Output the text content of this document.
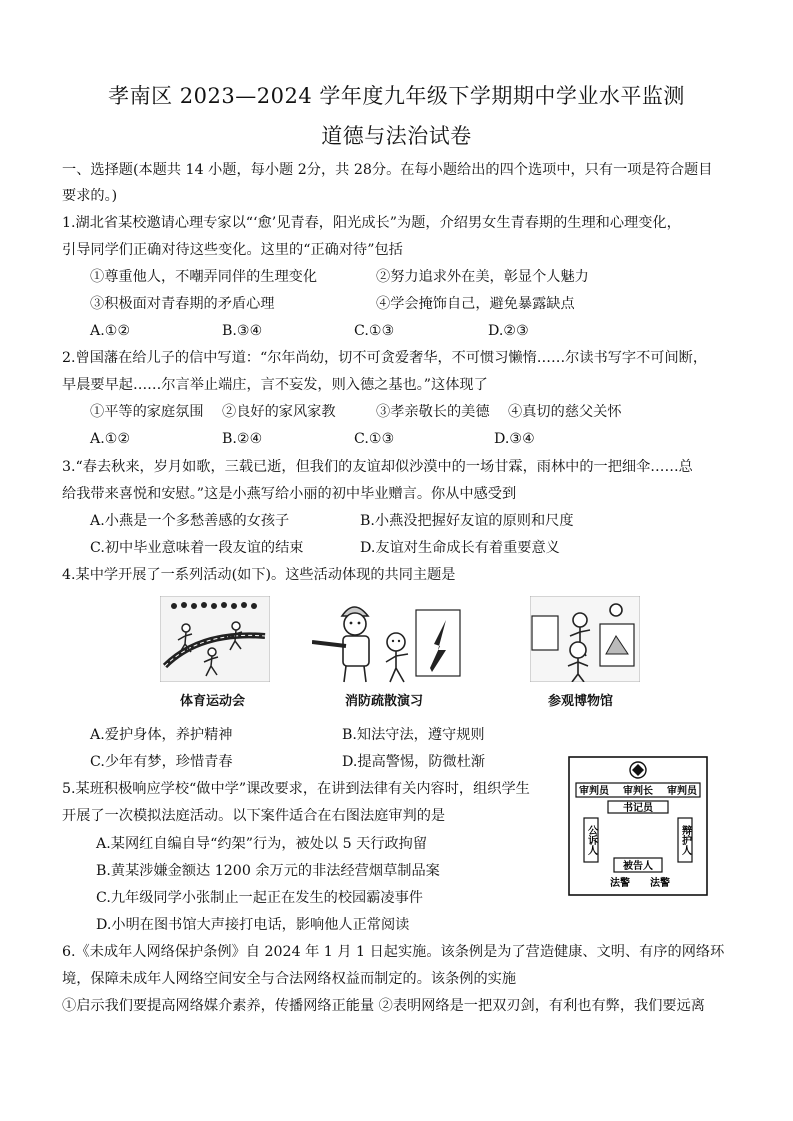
孝南区 2023—2024 学年度九年级下学期期中学业水平监测
道德与法治试卷
一、选择题(本题共 14 小题，每小题 2分，共 28分。在每小题给出的四个选项中，只有一项是符合题目
要求的。)
1.湖北省某校邀请心理专家以“‘愈’见青春，阳光成长”为题，介绍男女生青春期的生理和心理变化，
引导同学们正确对待这些变化。这里的“正确对待”包括
①尊重他人，不嘲弄同伴的生理变化	②努力追求外在美，彰显个人魅力
③积极面对青春期的矛盾心理	④学会掩饰自己，避免暴露缺点
A.①②	B.③④	C.①③	D.②③
2.曾国藩在给儿子的信中写道：“尔年尚幼，切不可贪爱奢华，不可惯习懒惰……尔读书写字不可间断，
早晨要早起……尔言举止端庄，言不妄发，则入德之基也。”这体现了
①平等的家庭氛围 ②良好的家风家教	③孝亲敬长的美德 ④真切的慈父关怀
A.①②	B.②④	C.①③	D.③④
3.“春去秋来，岁月如歌，三载已逝，但我们的友谊却似沙漠中的一场甘霖，雨林中的一把细伞……总
给我带来喜悦和安慰。”这是小燕写给小丽的初中毕业赠言。你从中感受到
A.小燕是一个多愁善感的女孩子	B.小燕没把握好友谊的原则和尺度
C.初中毕业意味着一段友谊的结束	D.友谊对生命成长有着重要意义
4.某中学开展了一系列活动(如下)。这些活动体现的共同主题是
体育运动会	消防疏散演习	参观博物馆
A.爱护身体，养护精神	B.知法守法，遵守规则
C.少年有梦，珍惜青春	D.提高警惕，防微杜渐
5.某班积极响应学校“做中学”课改要求，在讲到法律有关内容时，组织学生
开展了一次模拟法庭活动。以下案件适合在右图法庭审判的是
A.某网红自编自导“约架”行为，被处以 5 天行政拘留
B.黄某涉嫌金额达 1200 余万元的非法经营烟草制品案
C.九年级同学小张制止一起正在发生的校园霸凌事件
D.小明在图书馆大声接打电话，影响他人正常阅读
审判员 审判长 审判员
书记员
公诉人	辩护人
被告人
法警 法警
6.《未成年人网络保护条例》自 2024 年 1 月 1 日起实施。该条例是为了营造健康、文明、有序的网络环
境，保障未成年人网络空间安全与合法网络权益而制定的。该条例的实施
①启示我们要提高网络媒介素养，传播网络正能量 ②表明网络是一把双刃剑，有利也有弊，我们要远离
